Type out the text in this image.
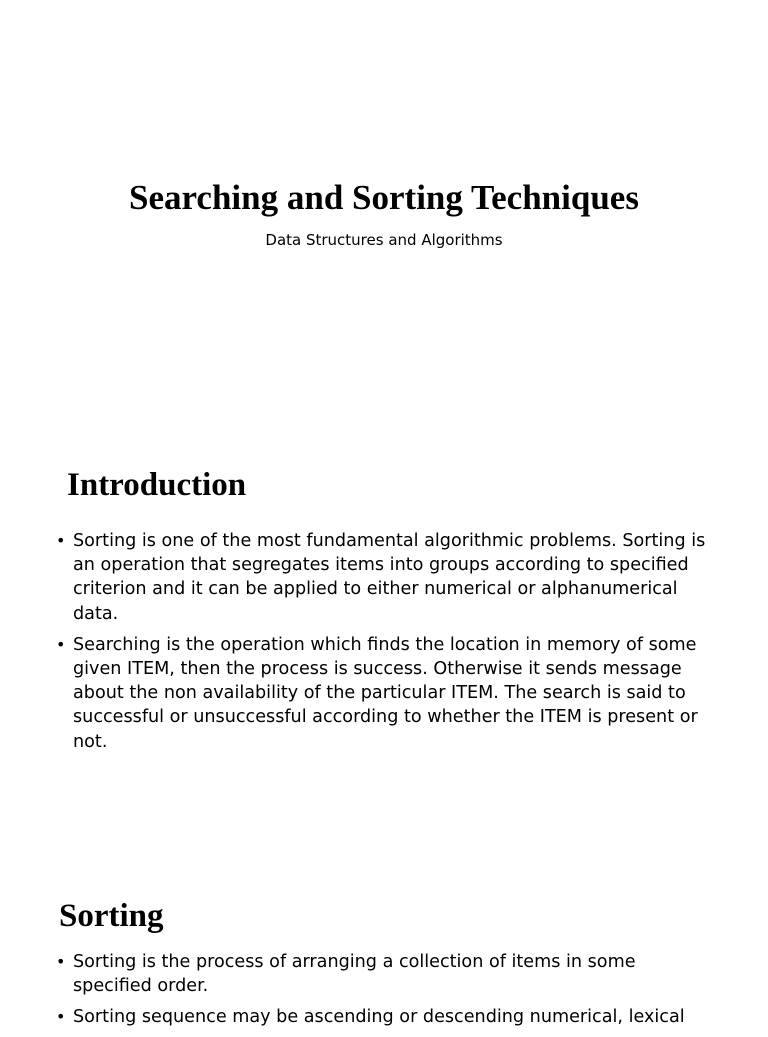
Searching and Sorting Techniques

Data Structures and Algorithms

Introduction
• Sorting is one of the most fundamental algorithmic problems. Sorting is an operation that segregates items into groups according to specified criterion and it can be applied to either numerical or alphanumerical data.
• Searching is the operation which finds the location in memory of some given ITEM, then the process is success. Otherwise it sends message about the non availability of the particular ITEM. The search is said to successful or unsuccessful according to whether the ITEM is present or not.
Sorting
• Sorting is the process of arranging a collection of items in some specified order.
• Sorting sequence may be ascending or descending numerical, lexical
